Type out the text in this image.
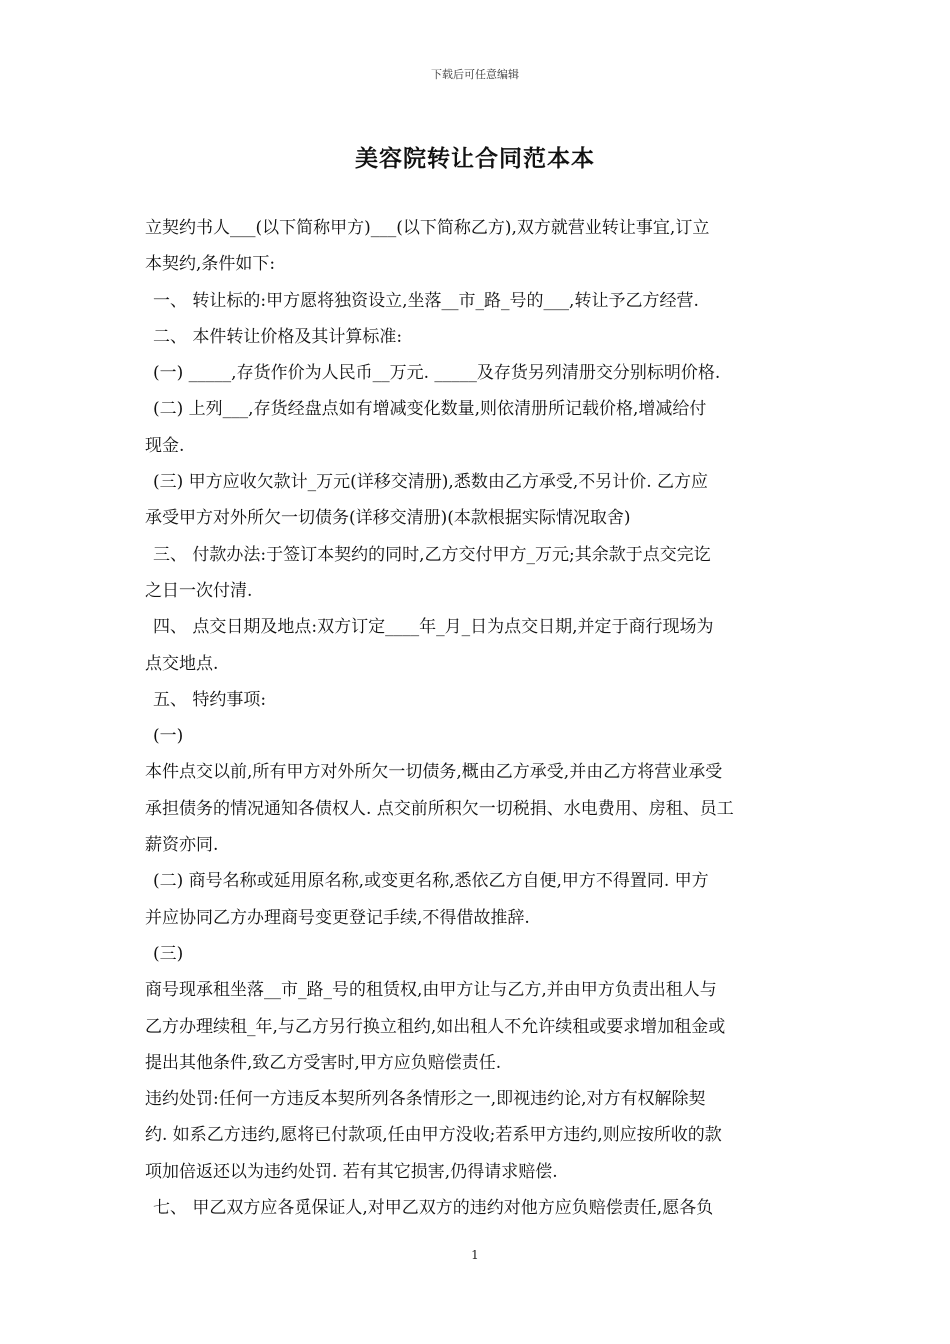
下载后可任意编辑
美容院转让合同范本本
立契约书人___(以下简称甲方)___(以下简称乙方),双方就营业转让事宜,订立
本契约,条件如下:
一、 转让标的:甲方愿将独资设立,坐落__市_路_号的___,转让予乙方经营.
二、 本件转让价格及其计算标准:
(一) _____,存货作价为人民币__万元. _____及存货另列清册交分别标明价格.
(二) 上列___,存货经盘点如有增减变化数量,则依清册所记载价格,增减给付
现金.
(三) 甲方应收欠款计_万元(详移交清册),悉数由乙方承受,不另计价. 乙方应
承受甲方对外所欠一切债务(详移交清册)(本款根据实际情况取舍)
三、 付款办法:于签订本契约的同时,乙方交付甲方_万元;其余款于点交完讫
之日一次付清.
四、 点交日期及地点:双方订定____年_月_日为点交日期,并定于商行现场为
点交地点.
五、 特约事项:
(一)
本件点交以前,所有甲方对外所欠一切债务,概由乙方承受,并由乙方将营业承受
承担债务的情况通知各债权人. 点交前所积欠一切税捐、水电费用、房租、员工
薪资亦同.
(二) 商号名称或延用原名称,或变更名称,悉依乙方自便,甲方不得置同. 甲方
并应协同乙方办理商号变更登记手续,不得借故推辞.
(三)
商号现承租坐落__市_路_号的租赁权,由甲方让与乙方,并由甲方负责出租人与
乙方办理续租_年,与乙方另行换立租约,如出租人不允许续租或要求增加租金或
提出其他条件,致乙方受害时,甲方应负赔偿责任.
违约处罚:任何一方违反本契所列各条情形之一,即视违约论,对方有权解除契
约. 如系乙方违约,愿将已付款项,任由甲方没收;若系甲方违约,则应按所收的款
项加倍返还以为违约处罚. 若有其它损害,仍得请求赔偿.
七、 甲乙双方应各觅保证人,对甲乙双方的违约对他方应负赔偿责任,愿各负
1
